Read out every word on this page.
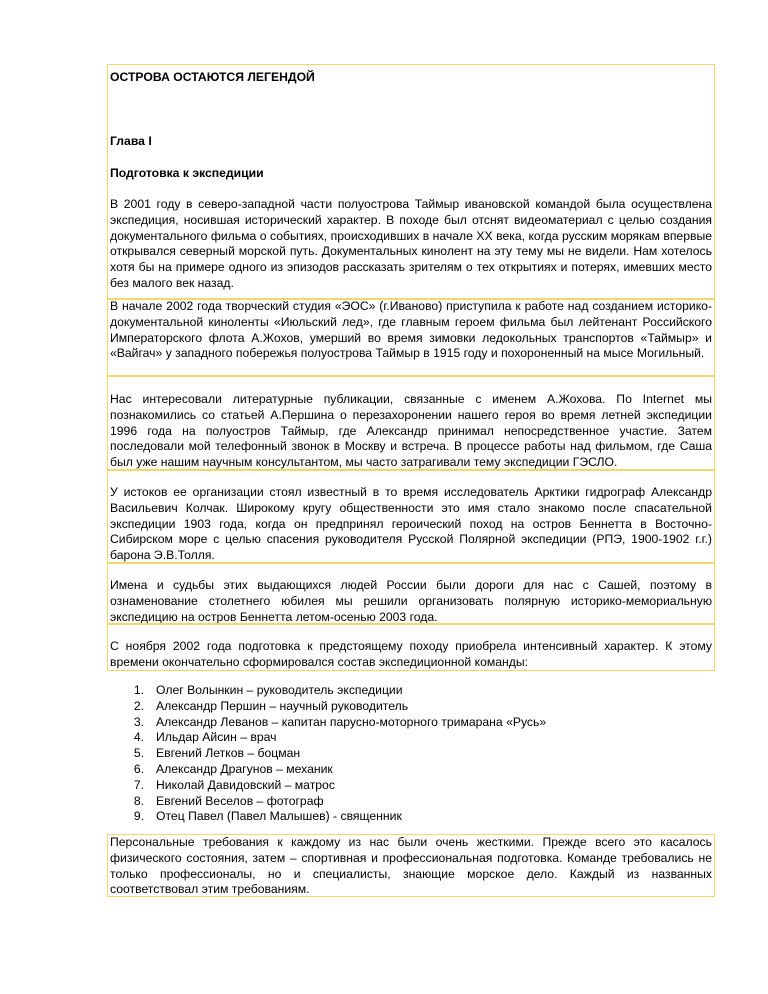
ОСТРОВА ОСТАЮТСЯ ЛЕГЕНДОЙ

Глава I

Подготовка к экспедиции

В 2001 году в северо-западной части полуострова Таймыр ивановской командой была осуществлена экспедиция, носившая исторический характер. В походе был отснят видеоматериал с целью создания документального фильма о событиях, происходивших в начале XX века, когда русским морякам впервые открывался северный морской путь. Документальных кинолент на эту тему мы не видели. Нам хотелось хотя бы на примере одного из эпизодов рассказать зрителям о тех открытиях и потерях, имевших место без малого век назад.

В начале 2002 года творческий студия «ЭОС» (г.Иваново) приступила к работе над созданием историко-документальной киноленты «Июльский лед», где главным героем фильма был лейтенант Российского Императорского флота А.Жохов, умерший во время зимовки ледокольных транспортов «Таймыр» и «Вайгач» у западного побережья полуострова Таймыр в 1915 году и похороненный на мысе Могильный.

Нас интересовали литературные публикации, связанные с именем А.Жохова. По Internet мы познакомились со статьей А.Першина о перезахоронении нашего героя во время летней экспедиции 1996 года на полуостров Таймыр, где Александр принимал непосредственное участие. Затем последовали мой телефонный звонок в Москву и встреча. В процессе работы над фильмом, где Саша был уже нашим научным консультантом, мы часто затрагивали тему экспедиции ГЭСЛО.

У истоков ее организации стоял известный в то время исследователь Арктики гидрограф Александр Васильевич Колчак. Широкому кругу общественности это имя стало знакомо после спасательной экспедиции 1903 года, когда он предпринял героический поход на остров Беннетта в Восточно-Сибирском море с целью спасения руководителя Русской Полярной экспедиции (РПЭ, 1900-1902 г.г.) барона Э.В.Толля.

Имена и судьбы этих выдающихся людей России были дороги для нас с Сашей, поэтому в ознаменование столетнего юбилея мы решили организовать полярную историко-мемориальную экспедицию на остров Беннетта летом-осенью 2003 года.

С ноября 2002 года подготовка к предстоящему походу приобрела интенсивный характер. К этому времени окончательно сформировался состав экспедиционной команды:

1. Олег Волынкин – руководитель экспедиции
2. Александр Першин – научный руководитель
3. Александр Леванов – капитан парусно-моторного тримарана «Русь»
4. Ильдар Айсин – врач
5. Евгений Летков – боцман
6. Александр Драгунов – механик
7. Николай Давидовский – матрос
8. Евгений Веселов – фотограф
9. Отец Павел (Павел Малышев) - священник

Персональные требования к каждому из нас были очень жесткими. Прежде всего это касалось физического состояния, затем – спортивная и профессиональная подготовка. Команде требовались не только профессионалы, но и специалисты, знающие морское дело. Каждый из названных соответствовал этим требованиям.
